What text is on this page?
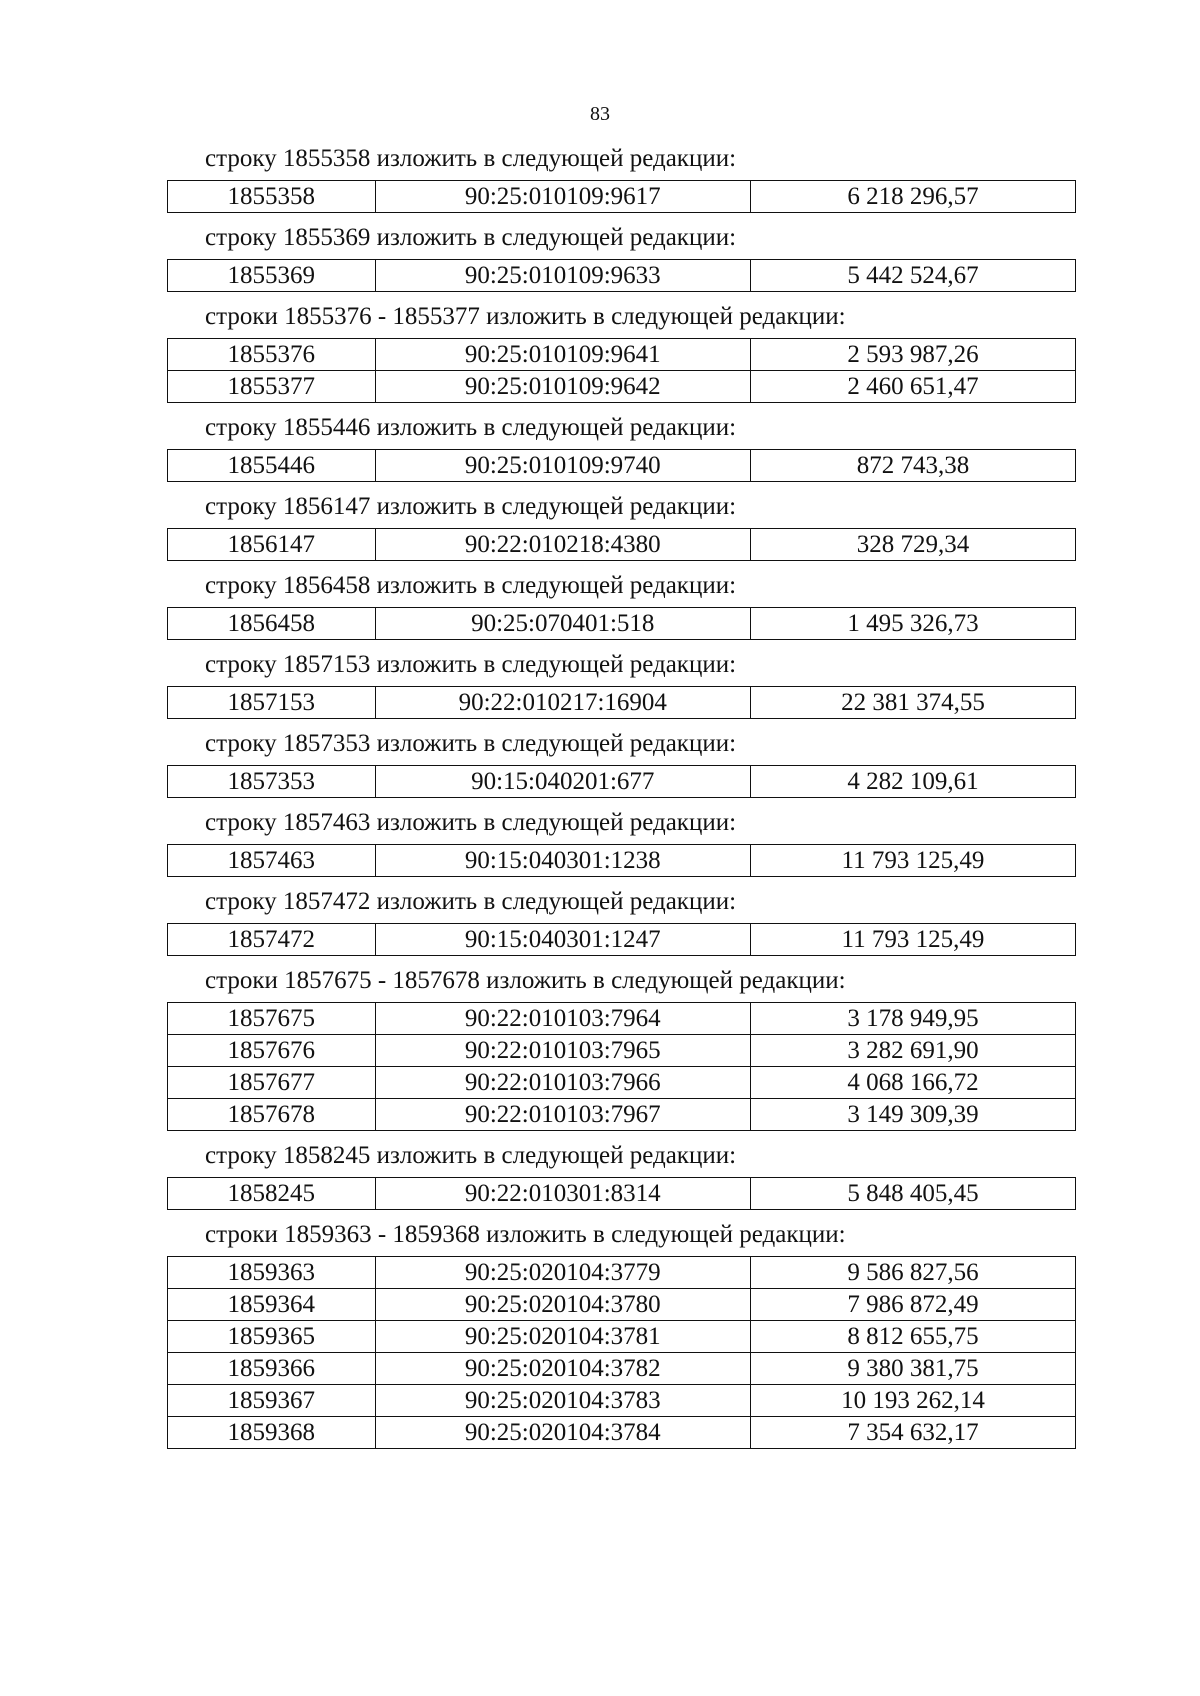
83
строку 1855358 изложить в следующей редакции:
1855358	90:25:010109:9617	6 218 296,57
строку 1855369 изложить в следующей редакции:
1855369	90:25:010109:9633	5 442 524,67
строки 1855376 - 1855377 изложить в следующей редакции:
1855376	90:25:010109:9641	2 593 987,26
1855377	90:25:010109:9642	2 460 651,47
строку 1855446 изложить в следующей редакции:
1855446	90:25:010109:9740	872 743,38
строку 1856147 изложить в следующей редакции:
1856147	90:22:010218:4380	328 729,34
строку 1856458 изложить в следующей редакции:
1856458	90:25:070401:518	1 495 326,73
строку 1857153 изложить в следующей редакции:
1857153	90:22:010217:16904	22 381 374,55
строку 1857353 изложить в следующей редакции:
1857353	90:15:040201:677	4 282 109,61
строку 1857463 изложить в следующей редакции:
1857463	90:15:040301:1238	11 793 125,49
строку 1857472 изложить в следующей редакции:
1857472	90:15:040301:1247	11 793 125,49
строки 1857675 - 1857678 изложить в следующей редакции:
1857675	90:22:010103:7964	3 178 949,95
1857676	90:22:010103:7965	3 282 691,90
1857677	90:22:010103:7966	4 068 166,72
1857678	90:22:010103:7967	3 149 309,39
строку 1858245 изложить в следующей редакции:
1858245	90:22:010301:8314	5 848 405,45
строки 1859363 - 1859368 изложить в следующей редакции:
1859363	90:25:020104:3779	9 586 827,56
1859364	90:25:020104:3780	7 986 872,49
1859365	90:25:020104:3781	8 812 655,75
1859366	90:25:020104:3782	9 380 381,75
1859367	90:25:020104:3783	10 193 262,14
1859368	90:25:020104:3784	7 354 632,17
